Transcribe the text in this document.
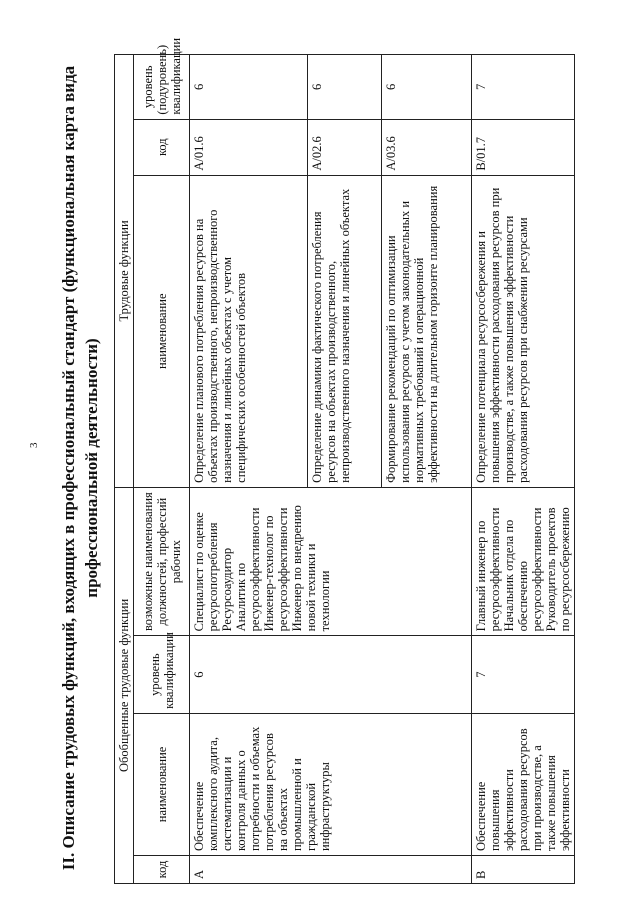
3 II. Описание трудовых функций, входящих в профессиональный стандарт (функциональная карта вида профессиональной деятельности)
Обобщенные трудовые функции				Трудовые функции		
код	наименование	уровень квалификации	возможные наименования должностей, профессий рабочих	наименование	код	уровень (подуровень) квалификации
A	Обеспечение комплексного аудита, систематизации и контроля данных о потребности и объемах потребления ресурсов на объектах промышленной и гражданской инфраструктуры	6	Специалист по оценке ресурсопотребления
Ресурсоаудитор
Аналитик по ресурсоэффективности
Инженер-технолог по ресурсоэффективности
Инженер по внедрению новой техники и технологии	Определение планового потребления ресурсов на объектах производственного, непроизводственного назначения и линейных объектах с учетом специфических особенностей объектов	A/01.6	6
				Определение динамики фактического потребления ресурсов на объектах производственного, непроизводственного назначения и линейных объектах	A/02.6	6
				Формирование рекомендаций по оптимизации использования ресурсов с учетом законодательных и нормативных требований и операционной эффективности на длительном горизонте планирования	A/03.6	6
B	Обеспечение повышения эффективности расходования ресурсов при производстве, а также повышения эффективности	7	Главный инженер по ресурсоэффективности
Начальник отдела по обеспечению ресурсоэффективности
Руководитель проектов по ресурсосбережению	Определение потенциала ресурсосбережения и повышения эффективности расходования ресурсов при производстве, а также повышения эффективности расходования ресурсов при снабжении ресурсами	B/01.7	7
